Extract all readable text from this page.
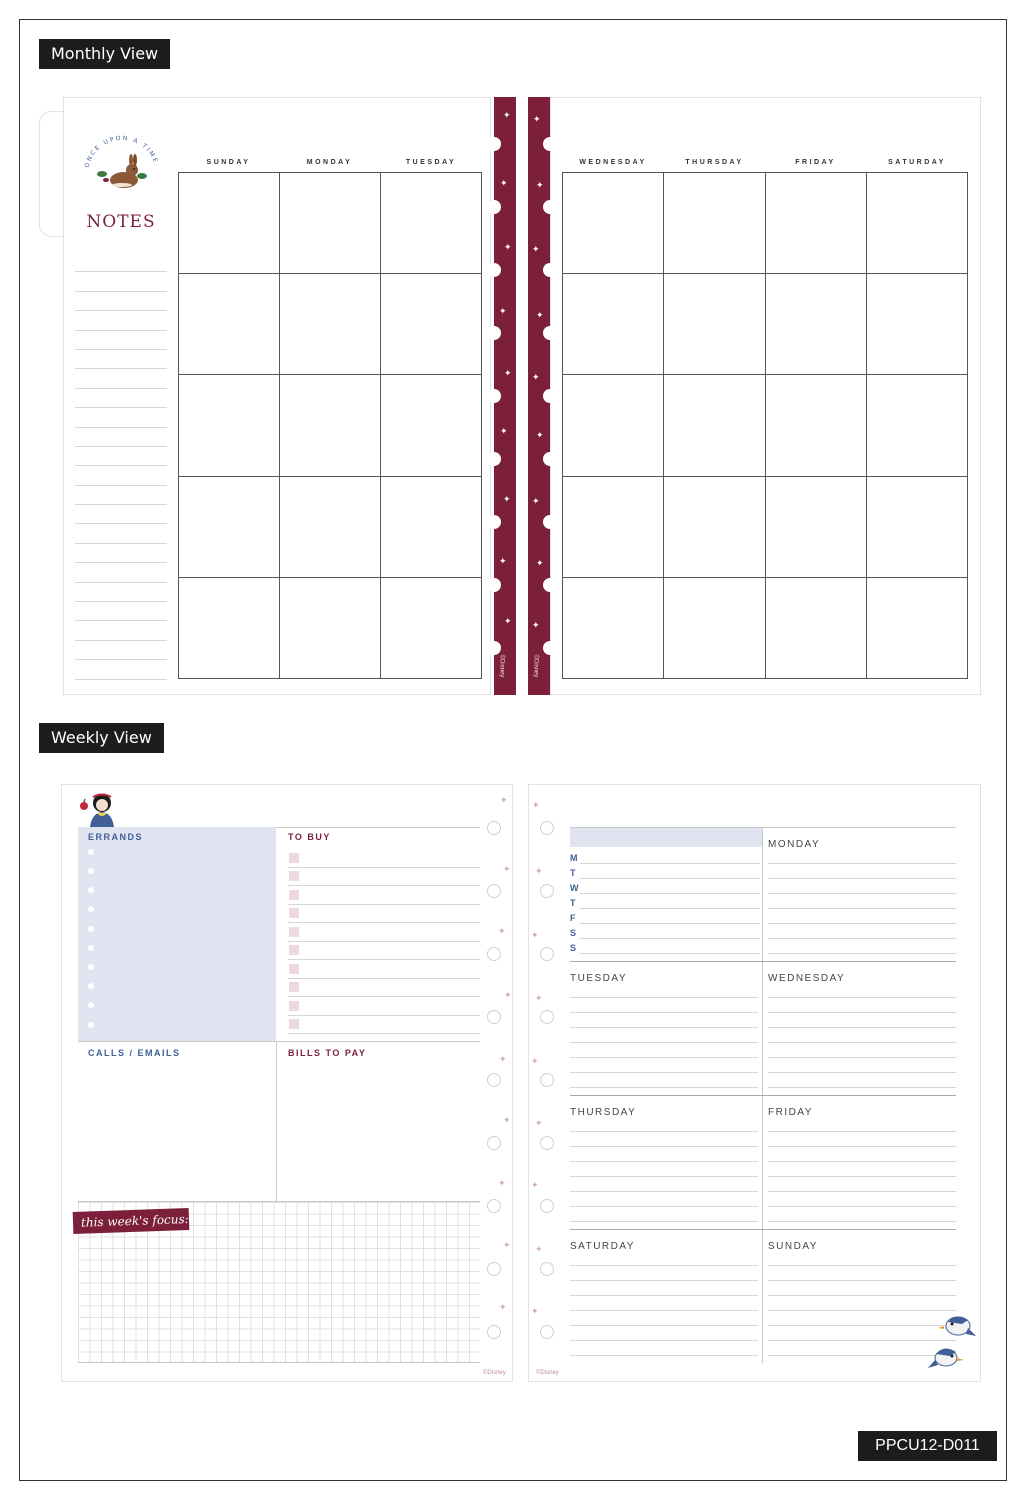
Monthly View
ONCE UPON A TIME
NOTES
SUNDAY	MONDAY	TUESDAY	WEDNESDAY	THURSDAY	FRIDAY	SATURDAY
✦
✦
✦
✦
✦
✦
✦
✦
✦
©Disney
✦
✦
✦
✦
✦
✦
✦
✦
✦
©Disney
Weekly View
✦
✦
✦
✦
✦
✦
✦
✦
✦
✦
✦
✦
✦
✦
✦
✦
✦
✦
ERRANDS	TO BUY
CALLS / EMAILS	BILLS TO PAY
this week's focus:
M
T
W
T
F
S
S
MONDAY
TUESDAY	WEDNESDAY
THURSDAY	FRIDAY
SATURDAY	SUNDAY
©Disney	©Disney
PPCU12-D011
